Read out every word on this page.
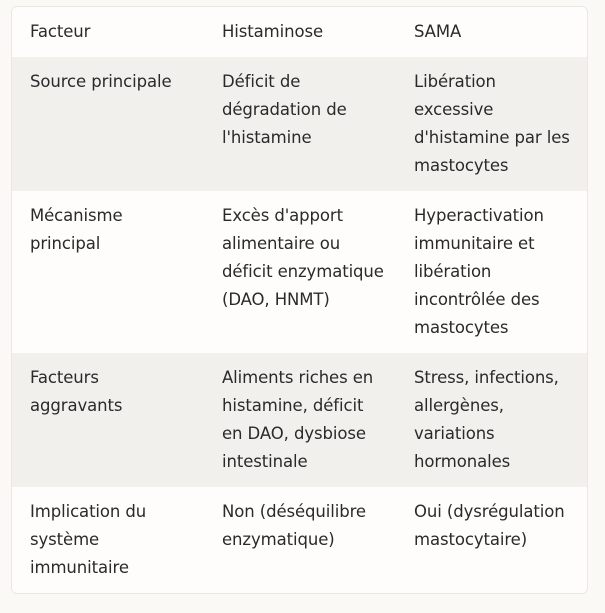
Facteur	Histaminose	SAMA
Source principale	Déficit de dégradation de l'histamine	Libération excessive d'histamine par les mastocytes
Mécanisme principal	Excès d'apport alimentaire ou déficit enzymatique (DAO, HNMT)	Hyperactivation immunitaire et libération incontrôlée des mastocytes
Facteurs aggravants	Aliments riches en histamine, déficit en DAO, dysbiose intestinale	Stress, infections, allergènes, variations hormonales
Implication du système immunitaire	Non (déséquilibre enzymatique)	Oui (dysrégulation mastocytaire)
